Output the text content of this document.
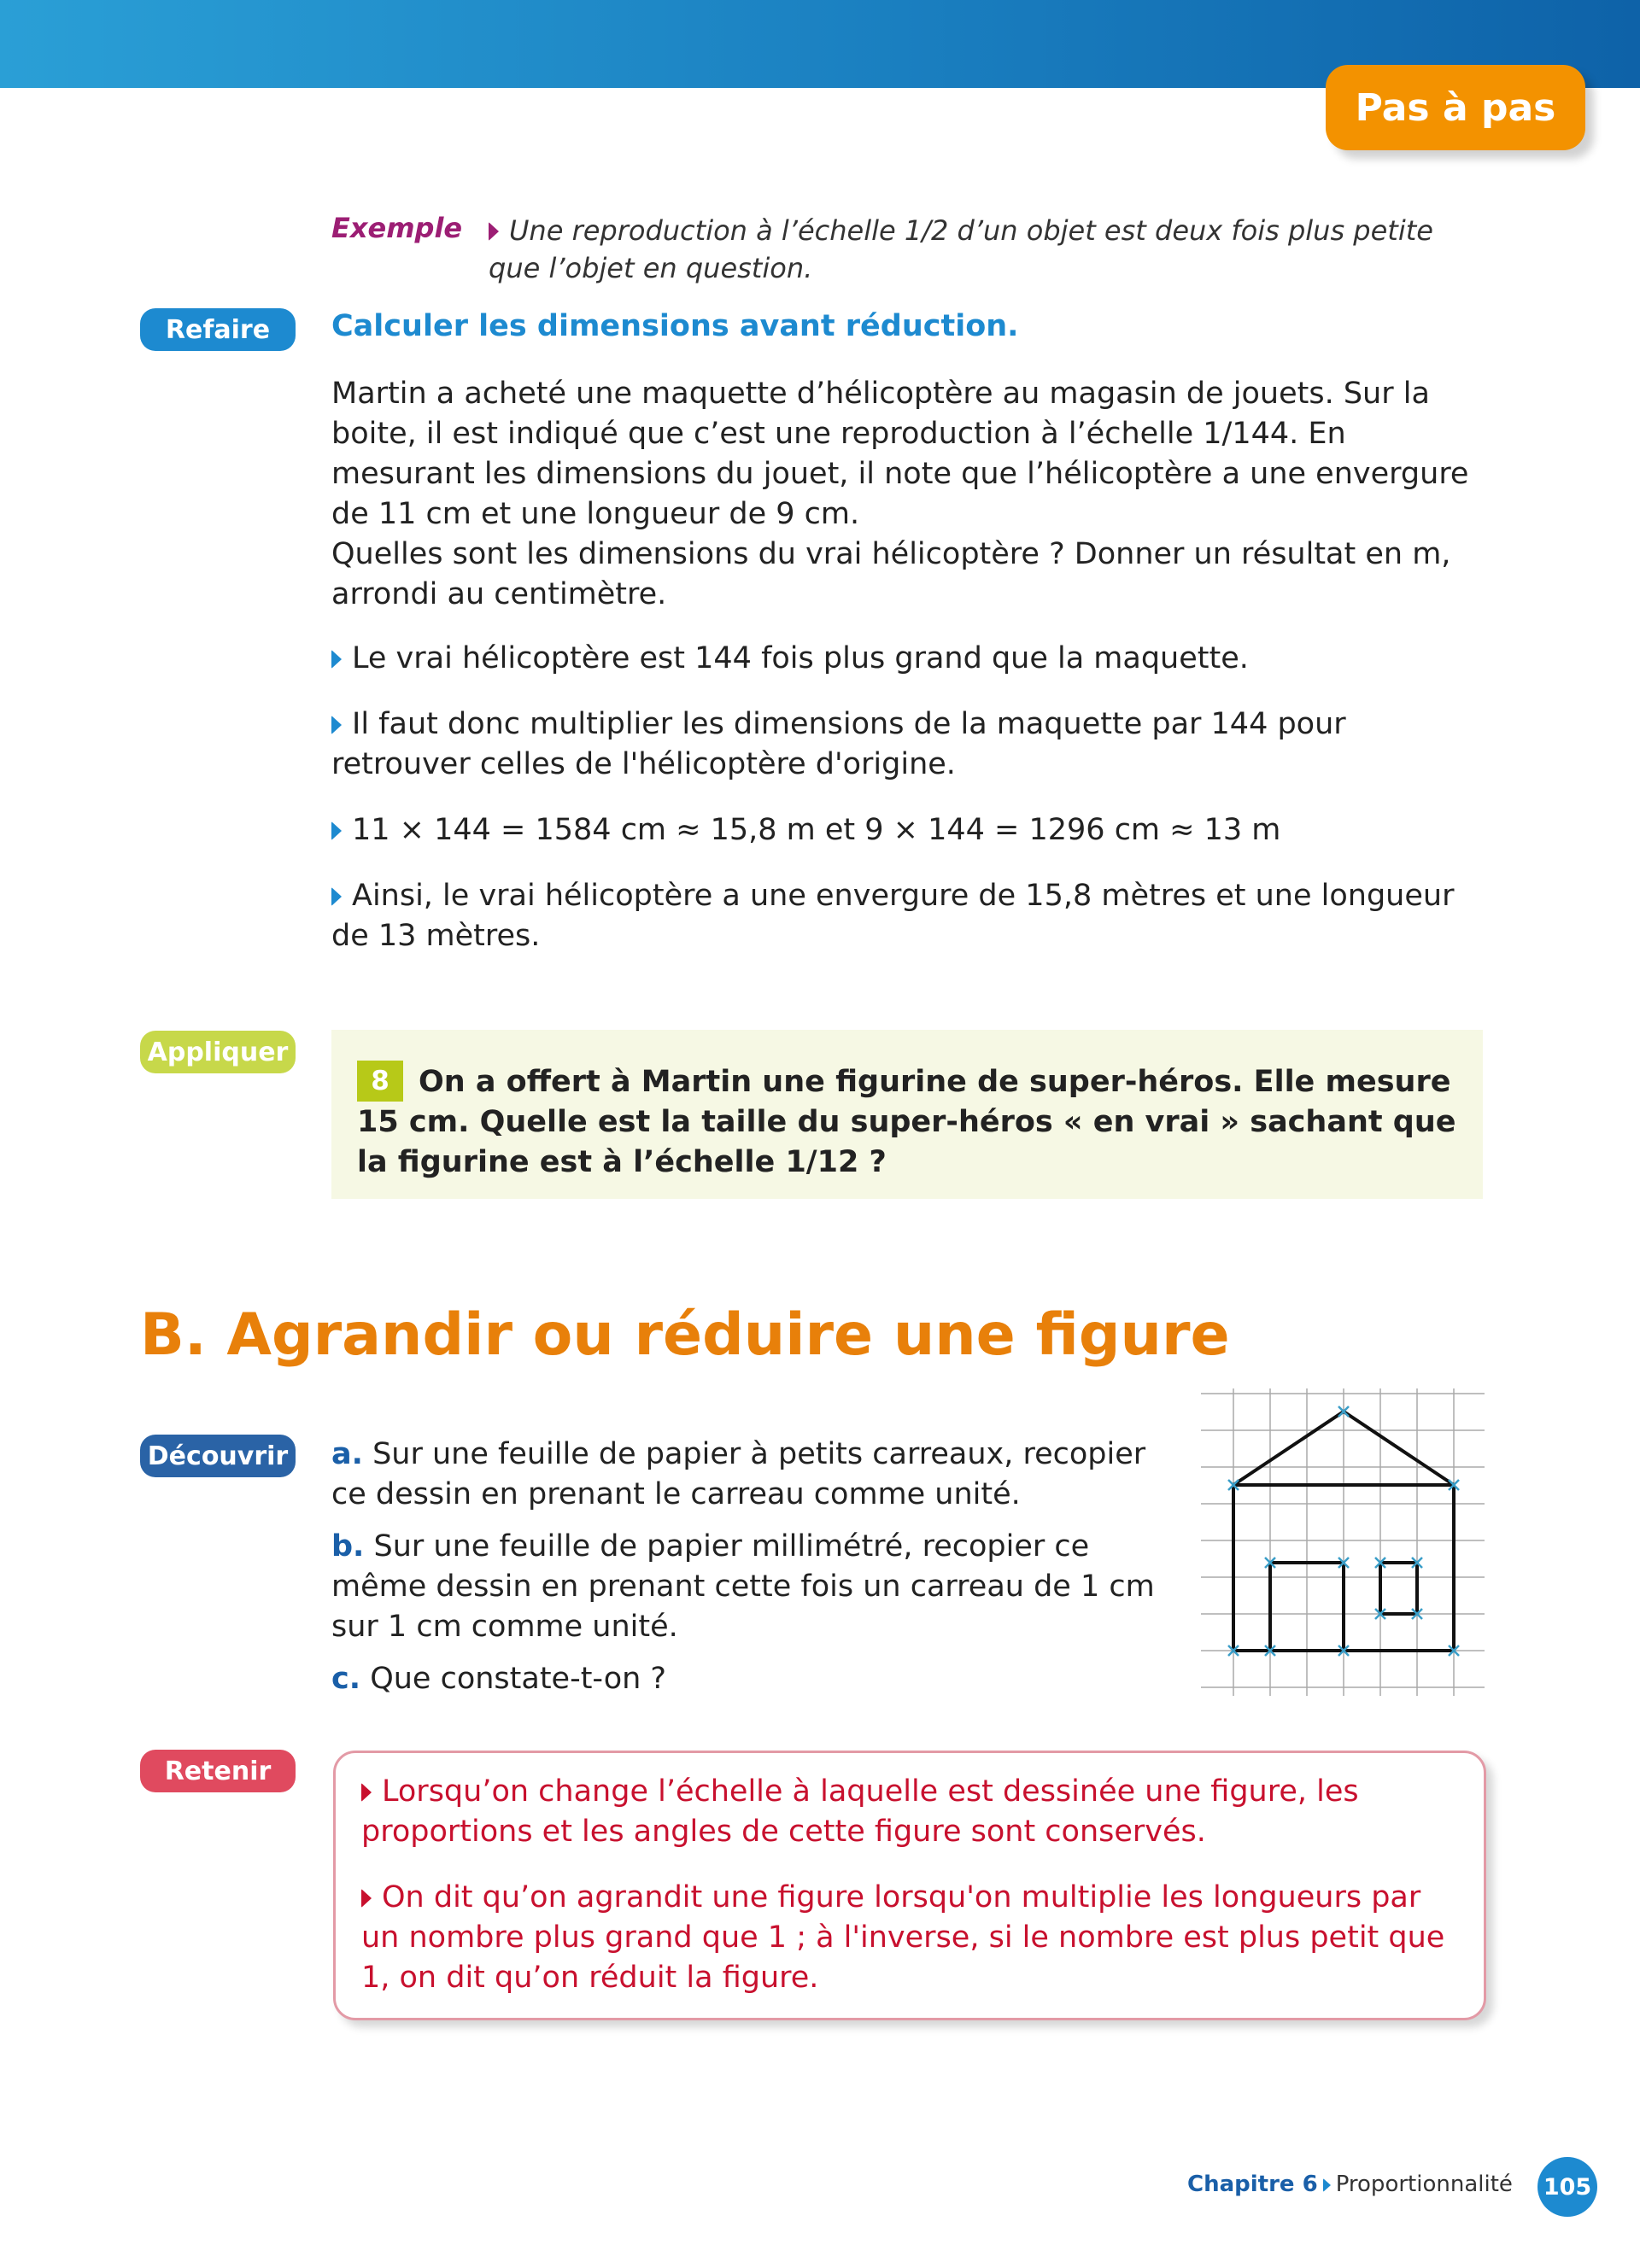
Pas à pas
Exemple	Une reproduction à l’échelle 1/2 d’un objet est deux fois plus petite que l’objet en question.
Refaire	Calculer les dimensions avant réduction.

Martin a acheté une maquette d’hélicoptère au magasin de jouets. Sur la boite, il est indiqué que c’est une reproduction à l’échelle 1/144. En mesurant les dimensions du jouet, il note que l’hélicoptère a une envergure de 11 cm et une longueur de 9 cm.

Quelles sont les dimensions du vrai hélicoptère ? Donner un résultat en m, arrondi au centimètre.

Le vrai hélicoptère est 144 fois plus grand que la maquette.
Il faut donc multiplier les dimensions de la maquette par 144 pour retrouver celles de l'hélicoptère d'origine.
11 × 144 = 1584 cm ≈ 15,8 m et 9 × 144 = 1296 cm ≈ 13 m
Ainsi, le vrai hélicoptère a une envergure de 15,8 mètres et une longueur de 13 mètres.
Appliquer
8 On a offert à Martin une figurine de super-héros. Elle mesure 15 cm. Quelle est la taille du super-héros « en vrai » sachant que la figurine est à l’échelle 1/12 ?
B. Agrandir ou réduire une figure
Découvrir a. Sur une feuille de papier à petits carreaux, recopier ce dessin en prenant le carreau comme unité.
b. Sur une feuille de papier millimétré, recopier ce même dessin en prenant cette fois un carreau de 1 cm sur 1 cm comme unité.
c. Que constate-t-on ?
Retenir

Lorsqu’on change l’échelle à laquelle est dessinée une figure, les proportions et les angles de cette figure sont conservés.

On dit qu’on agrandit une figure lorsqu'on multiplie les longueurs par un nombre plus grand que 1 ; à l'inverse, si le nombre est plus petit que 1, on dit qu’on réduit la figure.

Chapitre 6 Proportionnalité 105
